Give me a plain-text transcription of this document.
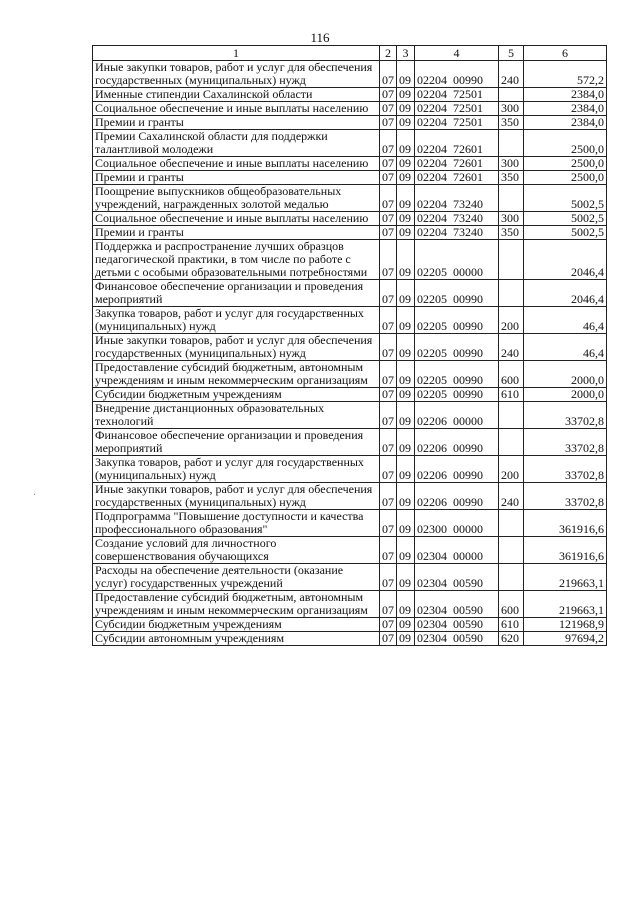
116
·
1	2	3	4	5	6
Иные закупки товаров, работ и услуг для обеспечения государственных (муниципальных) нужд	07	09	02204  00990	240	572,2
Именные стипендии Сахалинской области	07	09	02204  72501		2384,0
Социальное обеспечение и иные выплаты населению	07	09	02204  72501	300	2384,0
Премии и гранты	07	09	02204  72501	350	2384,0
Премии Сахалинской области для поддержки талантливой молодежи	07	09	02204  72601		2500,0
Социальное обеспечение и иные выплаты населению	07	09	02204  72601	300	2500,0
Премии и гранты	07	09	02204  72601	350	2500,0
Поощрение выпускников общеобразовательных учреждений, награжденных золотой медалью	07	09	02204  73240		5002,5
Социальное обеспечение и иные выплаты населению	07	09	02204  73240	300	5002,5
Премии и гранты	07	09	02204  73240	350	5002,5
Поддержка и распространение лучших образцов педагогической практики, в том числе по работе с детьми с особыми образовательными потребностями	07	09	02205  00000		2046,4
Финансовое обеспечение организации и проведения мероприятий	07	09	02205  00990		2046,4
Закупка товаров, работ и услуг для государственных (муниципальных) нужд	07	09	02205  00990	200	46,4
Иные закупки товаров, работ и услуг для обеспечения государственных (муниципальных) нужд	07	09	02205  00990	240	46,4
Предоставление субсидий бюджетным, автономным учреждениям и иным некоммерческим организациям	07	09	02205  00990	600	2000,0
Субсидии бюджетным учреждениям	07	09	02205  00990	610	2000,0
Внедрение дистанционных образовательных технологий	07	09	02206  00000		33702,8
Финансовое обеспечение организации и проведения мероприятий	07	09	02206  00990		33702,8
Закупка товаров, работ и услуг для государственных (муниципальных) нужд	07	09	02206  00990	200	33702,8
Иные закупки товаров, работ и услуг для обеспечения государственных (муниципальных) нужд	07	09	02206  00990	240	33702,8
Подпрограмма "Повышение доступности и качества профессионального образования"	07	09	02300  00000		361916,6
Создание условий для личностного совершенствования обучающихся	07	09	02304  00000		361916,6
Расходы на обеспечение деятельности (оказание услуг) государственных учреждений	07	09	02304  00590		219663,1
Предоставление субсидий бюджетным, автономным учреждениям и иным некоммерческим организациям	07	09	02304  00590	600	219663,1
Субсидии бюджетным учреждениям	07	09	02304  00590	610	121968,9
Субсидии автономным учреждениям	07	09	02304  00590	620	97694,2
